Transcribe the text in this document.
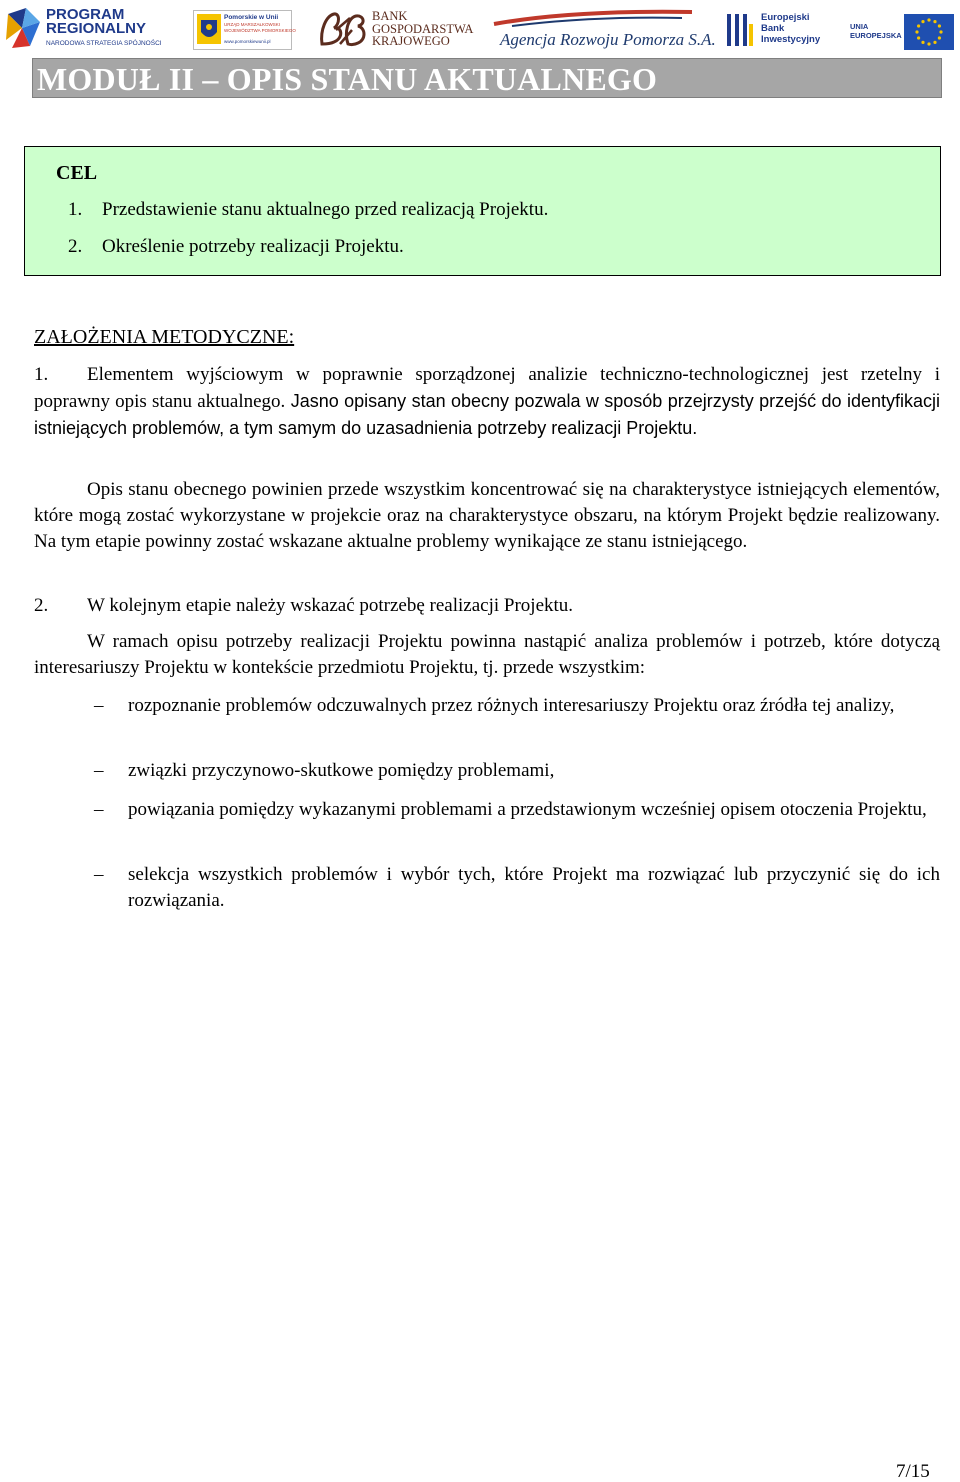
PROGRAM
REGIONALNY
NARODOWA STRATEGIA SPÓJNOŚCI
Pomorskie w Unii
URZĄD MARSZAŁKOWSKI
WOJEWÓDZTWA POMORSKIEGO
www.pomorskiewunii.pl
BANK
GOSPODARSTWA
KRAJOWEGO	Agencja Rozwoju Pomorza S.A.
Europejski
Bank
Inwestycyjny
UNIA
EUROPEJSKA
MODUŁ II – OPIS STANU AKTUALNEGO
CEL
1. Przedstawienie stanu aktualnego przed realizacją Projektu.
2. Określenie potrzeby realizacji Projektu.
ZAŁOŻENIA METODYCZNE:
1.	Elementem wyjściowym w poprawnie sporządzonej analizie techniczno-technologicznej jest rzetelny i poprawny opis stanu aktualnego. Jasno opisany stan obecny pozwala w sposób przejrzysty przejść do identyfikacji istniejących problemów, a tym samym do uzasadnienia potrzeby realizacji Projektu.
Opis stanu obecnego powinien przede wszystkim koncentrować się na charakterystyce istniejących elementów, które mogą zostać wykorzystane w projekcie oraz na charakterystyce obszaru, na którym Projekt będzie realizowany. Na tym etapie powinny zostać wskazane aktualne problemy wynikające ze stanu istniejącego.
2. W kolejnym etapie należy wskazać potrzebę realizacji Projektu.
W ramach opisu potrzeby realizacji Projektu powinna nastąpić analiza problemów i potrzeb, które dotyczą interesariuszy Projektu w kontekście przedmiotu Projektu, tj. przede wszystkim:
–	rozpoznanie problemów odczuwalnych przez różnych interesariuszy Projektu oraz źródła tej analizy,
–	związki przyczynowo-skutkowe pomiędzy problemami,
–	powiązania pomiędzy wykazanymi problemami a przedstawionym wcześniej opisem otoczenia Projektu,
–	selekcja wszystkich problemów i wybór tych, które Projekt ma rozwiązać lub przyczynić się do ich rozwiązania.
7/15
